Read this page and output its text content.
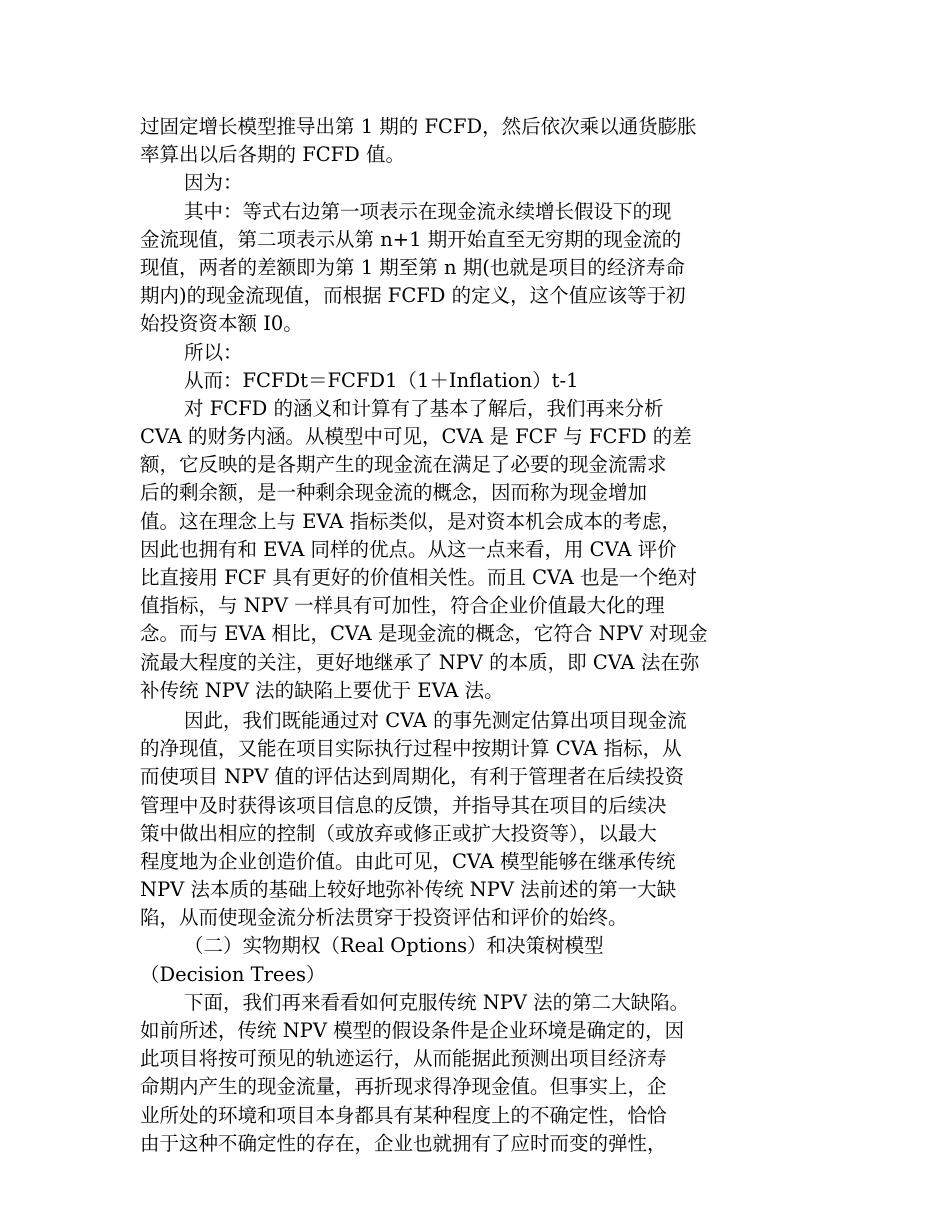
过固定增长模型推导出第 1 期的 FCFD，然后依次乘以通货膨胀
率算出以后各期的 FCFD 值。
因为：
其中：等式右边第一项表示在现金流永续增长假设下的现
金流现值，第二项表示从第 n+1 期开始直至无穷期的现金流的
现值，两者的差额即为第 1 期至第 n 期(也就是项目的经济寿命
期内)的现金流现值，而根据 FCFD 的定义，这个值应该等于初
始投资资本额 I0。
所以：
从而：FCFDt＝FCFD1（1＋Inflation）t-1
对 FCFD 的涵义和计算有了基本了解后，我们再来分析
CVA 的财务内涵。从模型中可见，CVA 是 FCF 与 FCFD 的差
额，它反映的是各期产生的现金流在满足了必要的现金流需求
后的剩余额，是一种剩余现金流的概念，因而称为现金增加
值。这在理念上与 EVA 指标类似，是对资本机会成本的考虑，
因此也拥有和 EVA 同样的优点。从这一点来看，用 CVA 评价
比直接用 FCF 具有更好的价值相关性。而且 CVA 也是一个绝对
值指标，与 NPV 一样具有可加性，符合企业价值最大化的理
念。而与 EVA 相比，CVA 是现金流的概念，它符合 NPV 对现金
流最大程度的关注，更好地继承了 NPV 的本质，即 CVA 法在弥
补传统 NPV 法的缺陷上要优于 EVA 法。
因此，我们既能通过对 CVA 的事先测定估算出项目现金流
的净现值，又能在项目实际执行过程中按期计算 CVA 指标，从
而使项目 NPV 值的评估达到周期化，有利于管理者在后续投资
管理中及时获得该项目信息的反馈，并指导其在项目的后续决
策中做出相应的控制（或放弃或修正或扩大投资等），以最大
程度地为企业创造价值。由此可见，CVA 模型能够在继承传统
NPV 法本质的基础上较好地弥补传统 NPV 法前述的第一大缺
陷，从而使现金流分析法贯穿于投资评估和评价的始终。
（二）实物期权（Real Options）和决策树模型
（Decision Trees）
下面，我们再来看看如何克服传统 NPV 法的第二大缺陷。
如前所述，传统 NPV 模型的假设条件是企业环境是确定的，因
此项目将按可预见的轨迹运行，从而能据此预测出项目经济寿
命期内产生的现金流量，再折现求得净现金值。但事实上，企
业所处的环境和项目本身都具有某种程度上的不确定性，恰恰
由于这种不确定性的存在，企业也就拥有了应时而变的弹性，
